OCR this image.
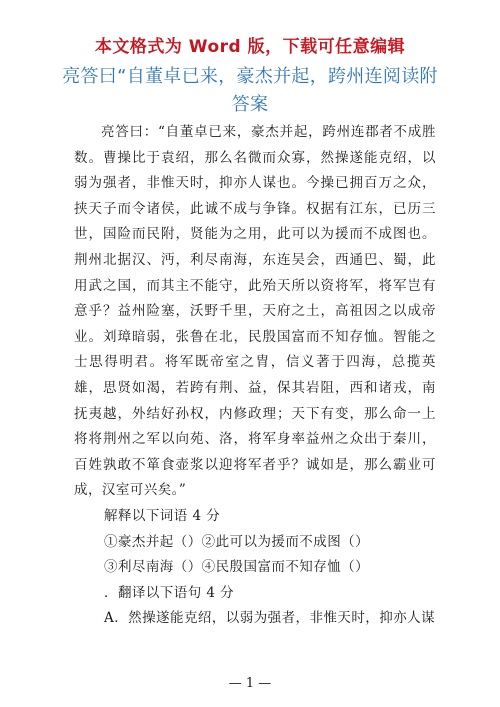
本文格式为 Word 版，下载可任意编辑
亮答曰“自董卓已来，豪杰并起，跨州连阅读附答案

亮答曰：“自董卓已来，豪杰并起，跨州连郡者不成胜数。曹操比于袁绍，那么名微而众寡，然操遂能克绍，以弱为强者，非惟天时，抑亦人谋也。今操已拥百万之众，挟天子而令诸侯，此诚不成与争锋。权据有江东，已历三世，国险而民附，贤能为之用，此可以为援而不成图也。荆州北据汉、沔，利尽南海，东连吴会，西通巴、蜀，此用武之国，而其主不能守，此殆天所以资将军，将军岂有意乎？益州险塞，沃野千里，天府之土，高祖因之以成帝业。刘璋暗弱，张鲁在北，民殷国富而不知存恤。智能之士思得明君。将军既帝室之胄，信义著于四海，总揽英雄，思贤如渴，若跨有荆、益，保其岩阻，西和诸戎，南抚夷越，外结好孙权，内修政理；天下有变，那么命一上将将荆州之军以向苑、洛，将军身率益州之众出于秦川，百姓孰敢不箪食壶浆以迎将军者乎？诚如是，那么霸业可成，汉室可兴矣。”

解释以下词语 4 分

①豪杰并起（）②此可以为援而不成图（）

③利尽南海（）④民殷国富而不知存恤（）

．翻译以下语句 4 分

A．然操遂能克绍，以弱为强者，非惟天时，抑亦人谋

— 1 —
